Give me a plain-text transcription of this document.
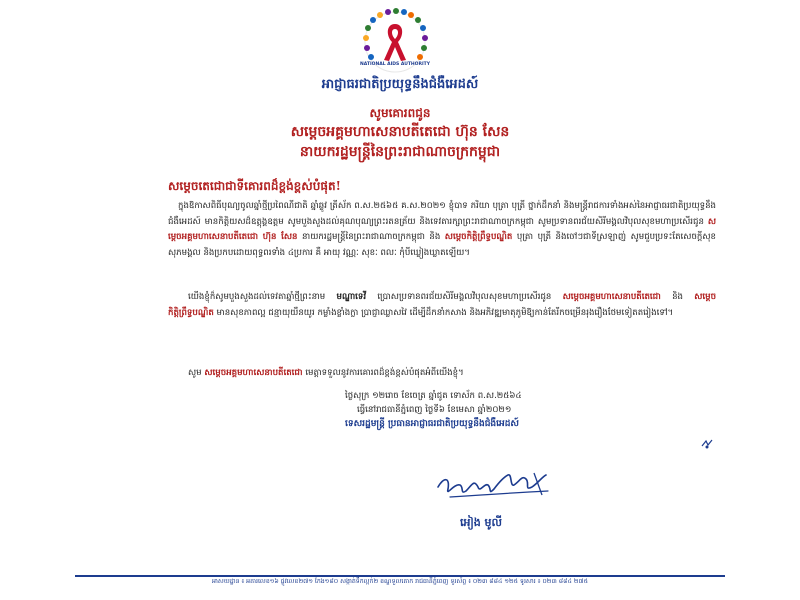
NATIONAL AIDS AUTHORITY
អាជ្ញាធរជាតិប្រយុទ្ធនឹងជំងឺអេដស៍
សូមគោរពជូន
សម្តេចអគ្គមហាសេនាបតីតេជោ ហ៊ុន សែន
នាយករដ្ឋមន្ត្រីនៃព្រះរាជាណាចក្រកម្ពុជា
សម្តេចតេជោជាទីគោរពដ៏ខ្ពង់ខ្ពស់បំផុត!
ក្នុងឱកាសពិធីបុណ្យចូលឆ្នាំថ្មីប្រពៃណីជាតិ ឆ្នាំឆ្លូវ ត្រីស័ក ព.ស.២៥៦៥ គ.ស.២០២១ ខ្ញុំបាទ ភរិយា បុត្រា បុត្រី ថ្នាក់ដឹកនាំ និងមន្ត្រីរាជការទាំងអស់នៃអាជ្ញាធរជាតិប្រយុទ្ធនឹងជំងឺអេដស៍ មានកិត្តិយសដ៏ឧត្តុង្គឧត្តម សូមបួងសួងដល់គុណបុណ្យព្រះរតនត្រ័យ និងទេវតារក្សាព្រះរាជាណាចក្រកម្ពុជា សូមប្រទានពរជ័យសិរីមង្គលវិបុលសុខមហាប្រសើរជូន សម្តេចអគ្គមហាសេនាបតីតេជោ ហ៊ុន សែន នាយករដ្ឋមន្ត្រីនៃព្រះរាជាណាចក្រកម្ពុជា និង សម្តេចកិត្តិព្រឹទ្ធបណ្ឌិត បុត្រា បុត្រី និងចៅៗជាទីស្រឡាញ់ សូមជួបប្រទះតែសេចក្តីសុខ សុភមង្គល និងប្រកបដោយពុទ្ធពរទាំង ៤ប្រការ គឺ អាយុ វណ្ណៈ សុខៈ ពលៈ កុំបីឃ្លៀងឃ្លាតឡើយ។
យើងខ្ញុំក៏សូមបួងសួងដល់ទេវតាឆ្នាំថ្មីព្រះនាម មណ្ឌាទេវី ប្រោសប្រទានពរជ័យសិរីមង្គលវិបុលសុខមហាប្រសើរជូន សម្តេចអគ្គមហាសេនាបតីតេជោ និង សម្តេចកិត្តិព្រឹទ្ធបណ្ឌិត មានសុខភាពល្អ ជន្មាយុយឺនយូរ កម្លាំងខ្លាំងក្លា ប្រាជ្ញាឈ្លាសវៃ ដើម្បីដឹកនាំកសាង និងអភិវឌ្ឍមាតុភូមិឱ្យកាន់តែរីកចម្រើនរុងរឿងថែមទៀតតរៀងទៅ។
សូម សម្តេចអគ្គមហាសេនាបតីតេជោ មេត្តាទទួលនូវការគោរពដ៏ខ្ពង់ខ្ពស់បំផុតអំពីយើងខ្ញុំ។
ថ្ងៃសុក្រ ១២រោច ខែចេត្រ ឆ្នាំជូត ទោស័ក ព.ស.២៥៦៤
ធ្វើនៅរាជធានីភ្នំពេញ ថ្ងៃទី៦ ខែមេសា ឆ្នាំ២០២១
ទេសរដ្ឋមន្ត្រី ប្រធានអាជ្ញាធរជាតិប្រយុទ្ធនឹងជំងឺអេដស៍
អៀង មូលី
អាសយដ្ឋាន ៖ អគារលេខ១៦ ផ្លូវលេខ២៧១ កែង១៨០ សង្កាត់ទឹកល្អក់២ ខណ្ឌទួលគោក រាជធានីភ្នំពេញ ទូរស័ព្ទ ៖ ០២៣ ៨៨៤ ១២៥ ទូរសារ ៖ ០២៣ ៨៨៤ ២៧៥
